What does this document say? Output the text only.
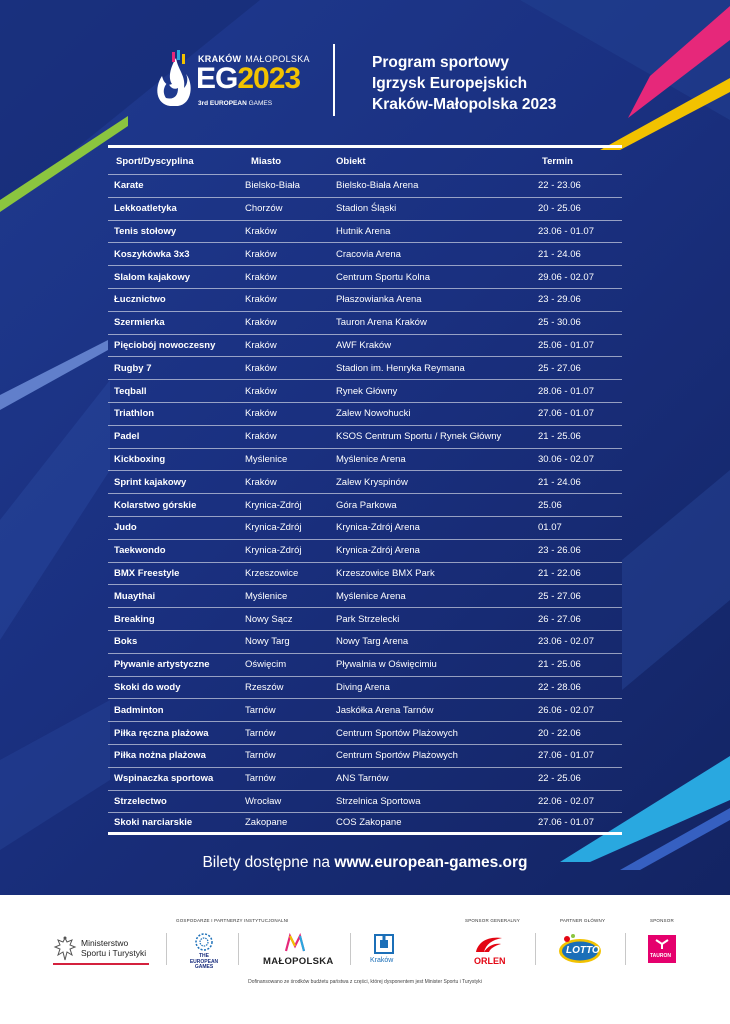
KRAKÓW MAŁOPOLSKA
EG2023
3rd EUROPEAN GAMES
Program sportowy
Igrzysk Europejskich
Kraków-Małopolska 2023
Sport/Dyscyplina	Miasto	Obiekt	Termin
Karate	Bielsko-Biała	Bielsko-Biała Arena	22 - 23.06
Lekkoatletyka	Chorzów	Stadion Śląski	20 - 25.06
Tenis stołowy	Kraków	Hutnik Arena	23.06 - 01.07
Koszykówka 3x3	Kraków	Cracovia Arena	21 - 24.06
Slalom kajakowy	Kraków	Centrum Sportu Kolna	29.06 - 02.07
Łucznictwo	Kraków	Płaszowianka Arena	23 - 29.06
Szermierka	Kraków	Tauron Arena Kraków	25 - 30.06
Pięciobój nowoczesny	Kraków	AWF Kraków	25.06 - 01.07
Rugby 7	Kraków	Stadion im. Henryka Reymana	25 - 27.06
Teqball	Kraków	Rynek Główny	28.06 - 01.07
Triathlon	Kraków	Zalew Nowohucki	27.06 - 01.07
Padel	Kraków	KSOS Centrum Sportu / Rynek Główny	21 - 25.06
Kickboxing	Myślenice	Myślenice Arena	30.06 - 02.07
Sprint kajakowy	Kraków	Zalew Kryspinów	21 - 24.06
Kolarstwo górskie	Krynica-Zdrój	Góra Parkowa	25.06
Judo	Krynica-Zdrój	Krynica-Zdrój Arena	01.07
Taekwondo	Krynica-Zdrój	Krynica-Zdrój Arena	23 - 26.06
BMX Freestyle	Krzeszowice	Krzeszowice BMX Park	21 - 22.06
Muaythai	Myślenice	Myślenice Arena	25 - 27.06
Breaking	Nowy Sącz	Park Strzelecki	26 - 27.06
Boks	Nowy Targ	Nowy Targ Arena	23.06 - 02.07
Pływanie artystyczne	Oświęcim	Pływalnia w Oświęcimiu	21 - 25.06
Skoki do wody	Rzeszów	Diving Arena	22 - 28.06
Badminton	Tarnów	Jaskółka Arena Tarnów	26.06 - 02.07
Piłka ręczna plażowa	Tarnów	Centrum Sportów Plażowych	20 - 22.06
Piłka nożna plażowa	Tarnów	Centrum Sportów Plażowych	27.06 - 01.07
Wspinaczka sportowa	Tarnów	ANS Tarnów	22 - 25.06
Strzelectwo	Wrocław	Strzelnica Sportowa	22.06 - 02.07
Skoki narciarskie	Zakopane	COS Zakopane	27.06 - 01.07
Bilety dostępne na www.european-games.org
GOSPODARZE I PARTNERZY INSTYTUCJONALNI	SPONSOR GENERALNY	PARTNER GŁÓWNY	SPONSOR
Ministerstwo
Sportu i Turystyki	THE
EUROPEAN
GAMES	MAŁOPOLSKA	Kraków	ORLEN
LOTTO	TAURON
Dofinansowano ze środków budżetu państwa z części, której dysponentem jest Minister Sportu i Turystyki
